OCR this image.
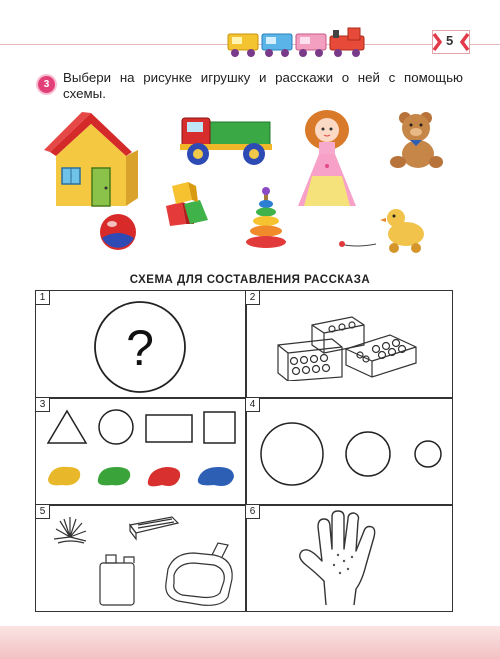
5
3	Выбери на рисунке игрушку и расскажи о ней с помощью схемы.
СХЕМА ДЛЯ СОСТАВЛЕНИЯ РАССКАЗА
1	2
3	4
5	6
?
